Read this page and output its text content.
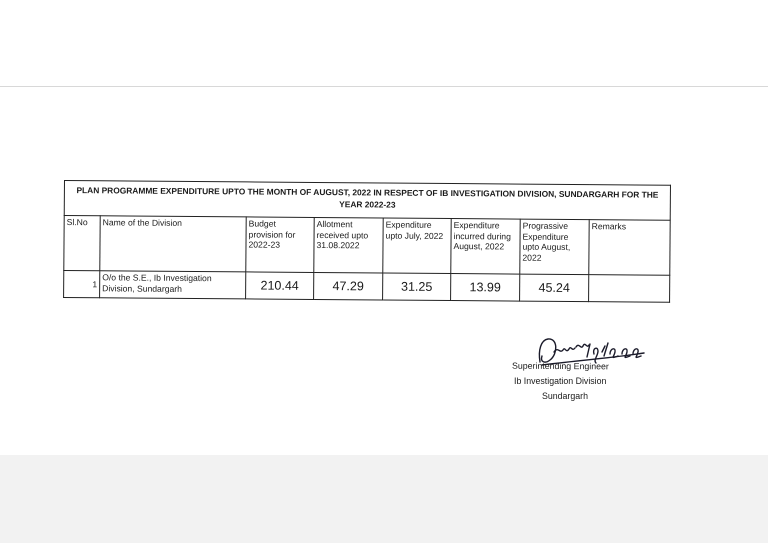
PLAN PROGRAMME EXPENDITURE UPTO THE MONTH OF AUGUST, 2022 IN RESPECT OF IB INVESTIGATION DIVISION, SUNDARGARH FOR THE YEAR 2022-23							
Sl.No	Name of the Division	Budget provision for 2022-23	Allotment received upto 31.08.2022	Expenditure upto July, 2022	Expenditure incurred during August, 2022	Prograssive Expenditure upto August, 2022	Remarks
1	O/o the S.E., Ib Investigation Division, Sundargarh	210.44	47.29	31.25	13.99	45.24	
Superintending Engineer
Ib Investigation Division
Sundargarh
